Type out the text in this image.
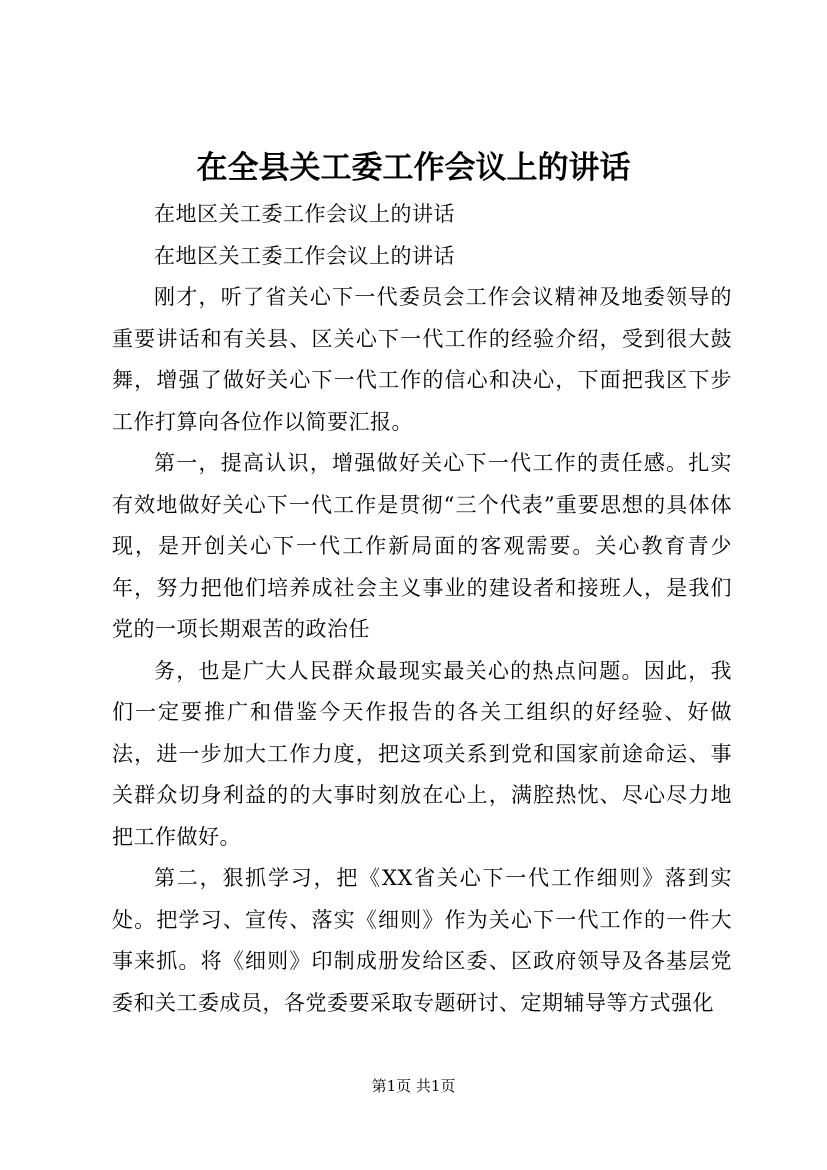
在全县关工委工作会议上的讲话

在地区关工委工作会议上的讲话

在地区关工委工作会议上的讲话

刚才，听了省关心下一代委员会工作会议精神及地委领导的重要讲话和有关县、区关心下一代工作的经验介绍，受到很大鼓舞，增强了做好关心下一代工作的信心和决心，下面把我区下步工作打算向各位作以简要汇报。

第一，提高认识，增强做好关心下一代工作的责任感。扎实有效地做好关心下一代工作是贯彻“三个代表”重要思想的具体体现，是开创关心下一代工作新局面的客观需要。关心教育青少年，努力把他们培养成社会主义事业的建设者和接班人，是我们党的一项长期艰苦的政治任

务，也是广大人民群众最现实最关心的热点问题。因此，我们一定要推广和借鉴今天作报告的各关工组织的好经验、好做法，进一步加大工作力度，把这项关系到党和国家前途命运、事关群众切身利益的的大事时刻放在心上，满腔热忱、尽心尽力地把工作做好。

第二，狠抓学习，把《XX省关心下一代工作细则》落到实处。把学习、宣传、落实《细则》作为关心下一代工作的一件大事来抓。将《细则》印制成册发给区委、区政府领导及各基层党委和关工委成员，各党委要采取专题研讨、定期辅导等方式强化

第1页 共1页
